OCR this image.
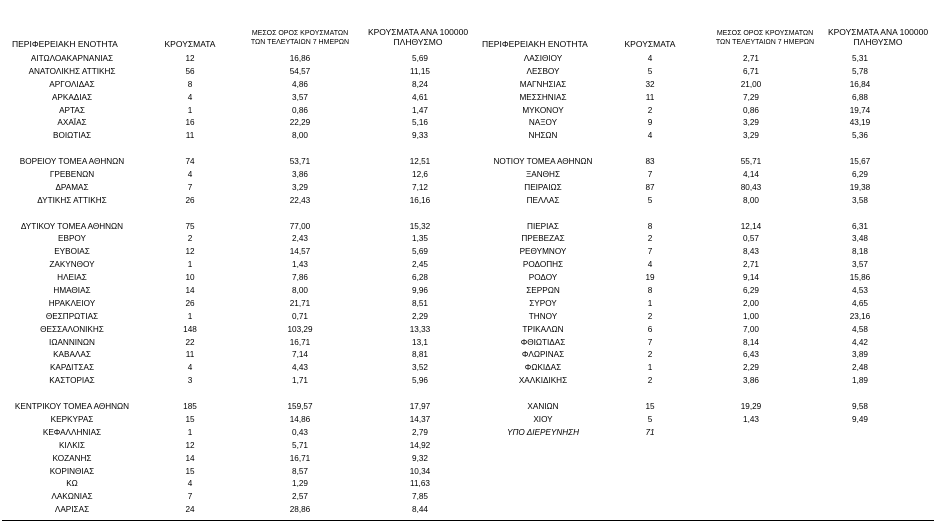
ΠΕΡΙΦΕΡΕΙΑΚΗ ΕΝΟΤΗΤΑ	ΚΡΟΥΣΜΑΤΑ
ΜΕΣΟΣ ΟΡΟΣ ΚΡΟΥΣΜΑΤΩΝ
ΤΩΝ ΤΕΛΕΥΤΑΙΩΝ 7 ΗΜΕΡΩΝ
ΚΡΟΥΣΜΑΤΑ ΑΝΑ 100000
ΠΛΗΘΥΣΜΟ
ΑΙΤΩΛΟΑΚΑΡΝΑΝΙΑΣ	12	16,86	5,69
ΑΝΑΤΟΛΙΚΗΣ ΑΤΤΙΚΗΣ	56	54,57	11,15
ΑΡΓΟΛΙΔΑΣ	8	4,86	8,24
ΑΡΚΑΔΙΑΣ	4	3,57	4,61
ΑΡΤΑΣ	1	0,86	1,47
ΑΧΑΪΑΣ	16	22,29	5,16
ΒΟΙΩΤΙΑΣ	11	8,00	9,33
ΒΟΡΕΙΟΥ ΤΟΜΕΑ ΑΘΗΝΩΝ	74	53,71	12,51
ΓΡΕΒΕΝΩΝ	4	3,86	12,6
ΔΡΑΜΑΣ	7	3,29	7,12
ΔΥΤΙΚΗΣ ΑΤΤΙΚΗΣ	26	22,43	16,16
ΔΥΤΙΚΟΥ ΤΟΜΕΑ ΑΘΗΝΩΝ	75	77,00	15,32
ΕΒΡΟΥ	2	2,43	1,35
ΕΥΒΟΙΑΣ	12	14,57	5,69
ΖΑΚΥΝΘΟΥ	1	1,43	2,45
ΗΛΕΙΑΣ	10	7,86	6,28
ΗΜΑΘΙΑΣ	14	8,00	9,96
ΗΡΑΚΛΕΙΟΥ	26	21,71	8,51
ΘΕΣΠΡΩΤΙΑΣ	1	0,71	2,29
ΘΕΣΣΑΛΟΝΙΚΗΣ	148	103,29	13,33
ΙΩΑΝΝΙΝΩΝ	22	16,71	13,1
ΚΑΒΑΛΑΣ	11	7,14	8,81
ΚΑΡΔΙΤΣΑΣ	4	4,43	3,52
ΚΑΣΤΟΡΙΑΣ	3	1,71	5,96
ΚΕΝΤΡΙΚΟΥ ΤΟΜΕΑ ΑΘΗΝΩΝ	185	159,57	17,97
ΚΕΡΚΥΡΑΣ	15	14,86	14,37
ΚΕΦΑΛΛΗΝΙΑΣ	1	0,43	2,79
ΚΙΛΚΙΣ	12	5,71	14,92
ΚΟΖΑΝΗΣ	14	16,71	9,32
ΚΟΡΙΝΘΙΑΣ	15	8,57	10,34
ΚΩ	4	1,29	11,63
ΛΑΚΩΝΙΑΣ	7	2,57	7,85
ΛΑΡΙΣΑΣ	24	28,86	8,44
ΠΕΡΙΦΕΡΕΙΑΚΗ ΕΝΟΤΗΤΑ	ΚΡΟΥΣΜΑΤΑ
ΜΕΣΟΣ ΟΡΟΣ ΚΡΟΥΣΜΑΤΩΝ
ΤΩΝ ΤΕΛΕΥΤΑΙΩΝ 7 ΗΜΕΡΩΝ
ΚΡΟΥΣΜΑΤΑ ΑΝΑ 100000
ΠΛΗΘΥΣΜΟ
ΛΑΣΙΘΙΟΥ	4	2,71	5,31
ΛΕΣΒΟΥ	5	6,71	5,78
ΜΑΓΝΗΣΙΑΣ	32	21,00	16,84
ΜΕΣΣΗΝΙΑΣ	11	7,29	6,88
ΜΥΚΟΝΟΥ	2	0,86	19,74
ΝΑΞΟΥ	9	3,29	43,19
ΝΗΣΩΝ	4	3,29	5,36
ΝΟΤΙΟΥ ΤΟΜΕΑ ΑΘΗΝΩΝ	83	55,71	15,67
ΞΑΝΘΗΣ	7	4,14	6,29
ΠΕΙΡΑΙΩΣ	87	80,43	19,38
ΠΕΛΛΑΣ	5	8,00	3,58
ΠΙΕΡΙΑΣ	8	12,14	6,31
ΠΡΕΒΕΖΑΣ	2	0,57	3,48
ΡΕΘΥΜΝΟΥ	7	8,43	8,18
ΡΟΔΟΠΗΣ	4	2,71	3,57
ΡΟΔΟΥ	19	9,14	15,86
ΣΕΡΡΩΝ	8	6,29	4,53
ΣΥΡΟΥ	1	2,00	4,65
ΤΗΝΟΥ	2	1,00	23,16
ΤΡΙΚΑΛΩΝ	6	7,00	4,58
ΦΘΙΩΤΙΔΑΣ	7	8,14	4,42
ΦΛΩΡΙΝΑΣ	2	6,43	3,89
ΦΩΚΙΔΑΣ	1	2,29	2,48
ΧΑΛΚΙΔΙΚΗΣ	2	3,86	1,89
ΧΑΝΙΩΝ	15	19,29	9,58
ΧΙΟΥ	5	1,43	9,49
ΥΠΟ ΔΙΕΡΕΥΝΗΣΗ	71
